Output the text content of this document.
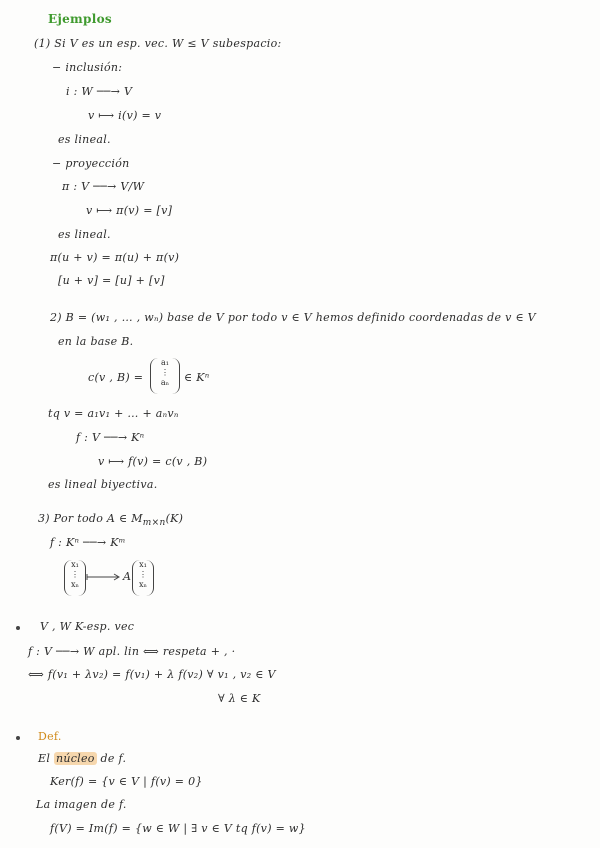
Ejemplos
(1) Si V es un esp. vec. W ≤ V subespacio:
− inclusión:
i : W ──→ V
v ⟼ i(v) = v
es lineal.
− proyección
π : V ──→ V/W
v ⟼ π(v) = [v]
es lineal.
π(u + v) = π(u) + π(v)
[u + v] = [u] + [v]
2) B = (w₁ , … , wₙ) base de V por todo v ∈ V hemos definido coordenadas de v ∈ V
en la base B.
c(v , B) =
a₁
⋮
aₙ	∈ Kⁿ
tq v = a₁v₁ + … + aₙvₙ
f : V ──→ Kⁿ
v ⟼ f(v) = c(v , B)
es lineal biyectiva.
3) Por todo A ∈ $M_{m\times n}(K)$
f : Kⁿ ──→ Kᵐ
x₁
⋮
xₙ
A
x₁
⋮
xₙ
V , W K-esp. vec
f : V ──→ W apl. lin ⟺ respeta + , ·
⟺ f(v₁ + λv₂) = f(v₁) + λ f(v₂) ∀ v₁ , v₂ ∈ V
∀ λ ∈ K
Def.
El núcleo de f.
Ker(f) = {v ∈ V | f(v) = 0}
La imagen de f.
f(V) = Im(f) = {w ∈ W | ∃ v ∈ V tq f(v) = w}
